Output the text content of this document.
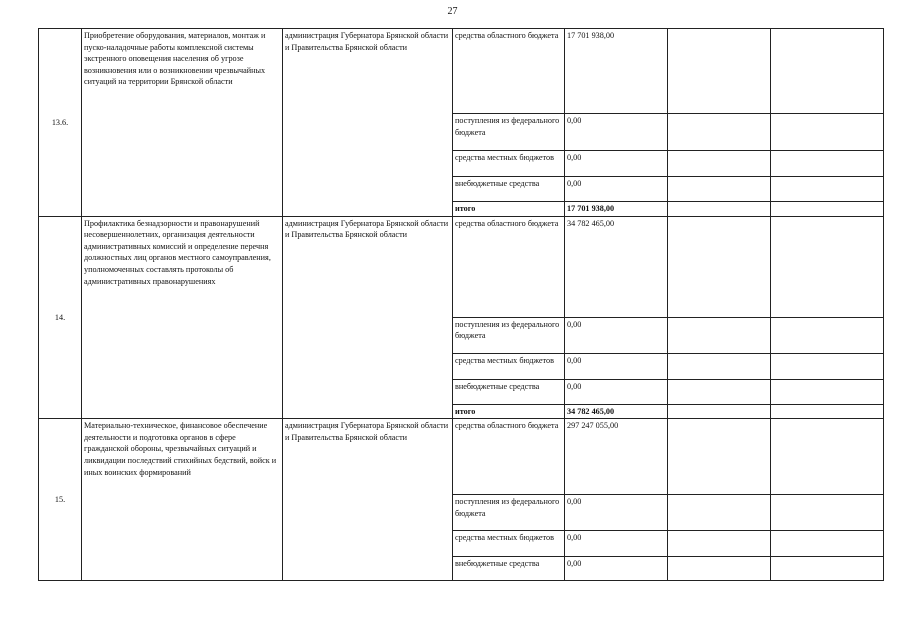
27
13.6.	Приобретение оборудования, материалов, монтаж и пуско-наладочные работы комплексной системы экстренного оповещения населения об угрозе возникновения или о возникновении чрезвычайных ситуаций на территории Брянской области	администрация Губернатора Брянской области и Правительства Брянской области	средства областного бюджета	17 701 938,00		
			поступления из федерального бюджета	0,00		
			средства местных бюджетов	0,00		
			внебюджетные средства	0,00		
			итого	17 701 938,00		
14.	Профилактика безнадзорности и правонарушений несовершеннолетних, организация деятельности административных комиссий и определение перечня должностных лиц органов местного самоуправления, уполномоченных составлять протоколы об административных правонарушениях	администрация Губернатора Брянской области и Правительства Брянской области	средства областного бюджета	34 782 465,00		
			поступления из федерального бюджета	0,00		
			средства местных бюджетов	0,00		
			внебюджетные средства	0,00		
			итого	34 782 465,00		
15.	Материально-техническое, финансовое обеспечение деятельности и подготовка органов в сфере гражданской обороны, чрезвычайных ситуаций и ликвидации последствий стихийных бедствий, войск и иных воинских формирований	администрация Губернатора Брянской области и Правительства Брянской области	средства областного бюджета	297 247 055,00		
			поступления из федерального бюджета	0,00		
			средства местных бюджетов	0,00		
			внебюджетные средства	0,00		
